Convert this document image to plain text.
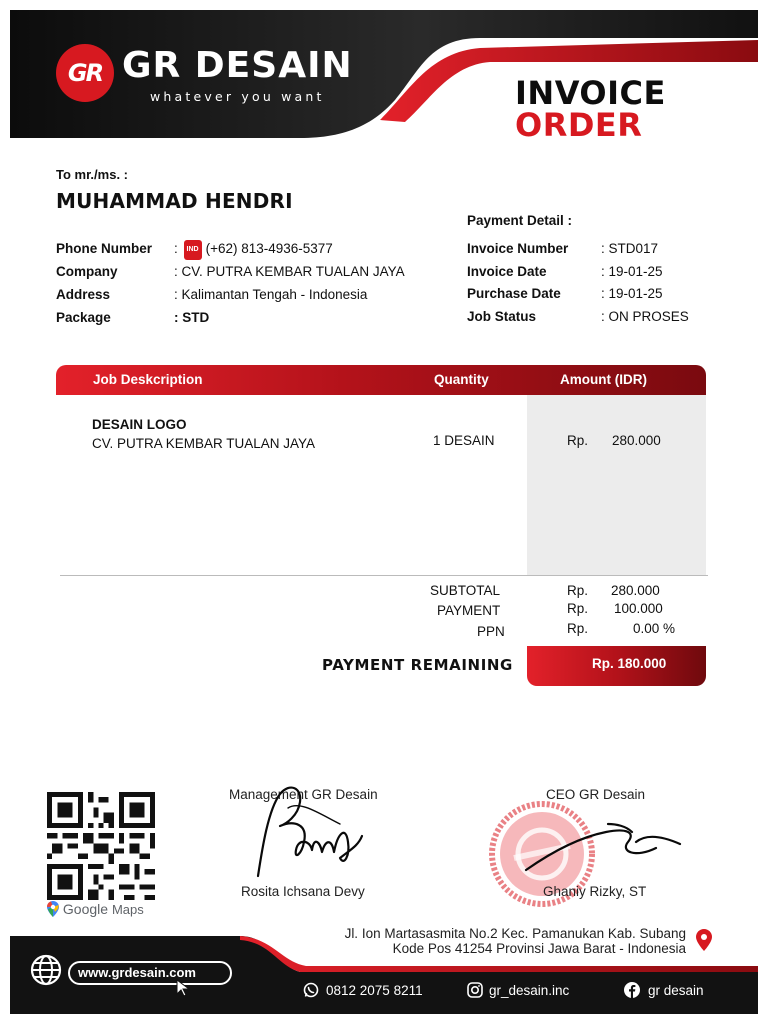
GR GR DESAIN
whatever you want	INVOICE
ORDER
To mr./ms. :
MUHAMMAD HENDRI
Phone Number : IND (+62) 813-4936-5377
Company	: CV. PUTRA KEMBAR TUALAN JAYA
Address	: Kalimantan Tengah - Indonesia
Package	: STD
Payment Detail :
Invoice Number : STD017
Invoice Date	: 19-01-25
Purchase Date	: 19-01-25
Job Status	: ON PROSES
Job Deskcription	Quantity	Amount (IDR)
DESAIN LOGO
CV. PUTRA KEMBAR TUALAN JAYA	1 DESAIN	Rp. 280.000
SUBTOTAL	Rp. 280.000
PAYMENT	Rp. 100.000
PPN	Rp.	0.00 %
PAYMENT REMAINING	Rp. 180.000
Google Maps
Management GR Desain
Rosita Ichsana Devy
CEO GR Desain
Ghaniy Rizky, ST
Jl. Ion Martasasmita No.2 Kec. Pamanukan Kab. Subang
Kode Pos 41254 Provinsi Jawa Barat - Indonesia
www.grdesain.com
0812 2075 8211	gr_desain.inc	gr desain
